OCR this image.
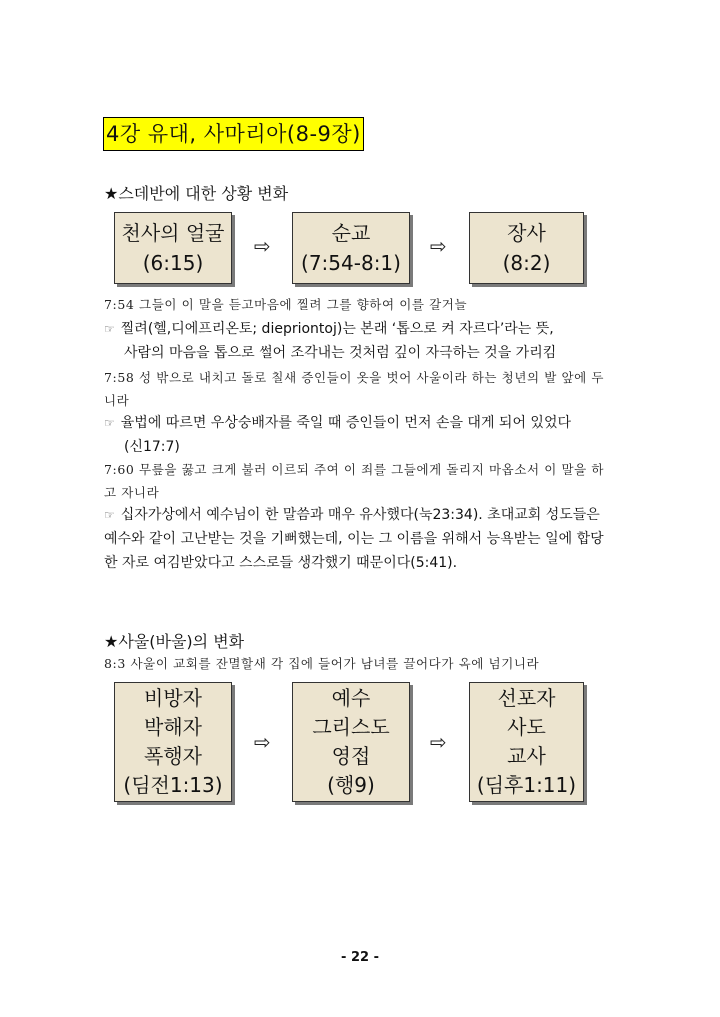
4강 유대, 사마리아(8-9장)
★스데반에 대한 상황 변화
천사의 얼굴
(6:15)
⇨
순교
(7:54-8:1)
⇨
장사
(8:2)
7:54 그들이 이 말을 듣고마음에 찔려 그를 향하여 이를 갈거늘
☞ 찔려(헬,디에프리온토; diepriontoj)는 본래 ‘톱으로 켜 자르다’라는 뜻,
사람의 마음을 톱으로 썰어 조각내는 것처럼 깊이 자극하는 것을 가리킴
7:58 성 밖으로 내치고 돌로 칠새 증인들이 옷을 벗어 사울이라 하는 청년의 발 앞에 두니라
☞ 율법에 따르면 우상숭배자를 죽일 때 증인들이 먼저 손을 대게 되어 있었다
(신17:7)
7:60 무릎을 꿇고 크게 불러 이르되 주여 이 죄를 그들에게 돌리지 마옵소서 이 말을 하고 자니라
☞ 십자가상에서 예수님이 한 말씀과 매우 유사했다(눅23:34). 초대교회 성도들은 예수와 같이 고난받는 것을 기뻐했는데, 이는 그 이름을 위해서 능욕받는 일에 합당한 자로 여김받았다고 스스로들 생각했기 때문이다(5:41).
★사울(바울)의 변화
8:3 사울이 교회를 잔멸할새 각 집에 들어가 남녀를 끌어다가 옥에 넘기니라
비방자
박해자
폭행자
(딤전1:13)
⇨
예수
그리스도
영접
(행9)
⇨
선포자
사도
교사
(딤후1:11)
- 22 -
